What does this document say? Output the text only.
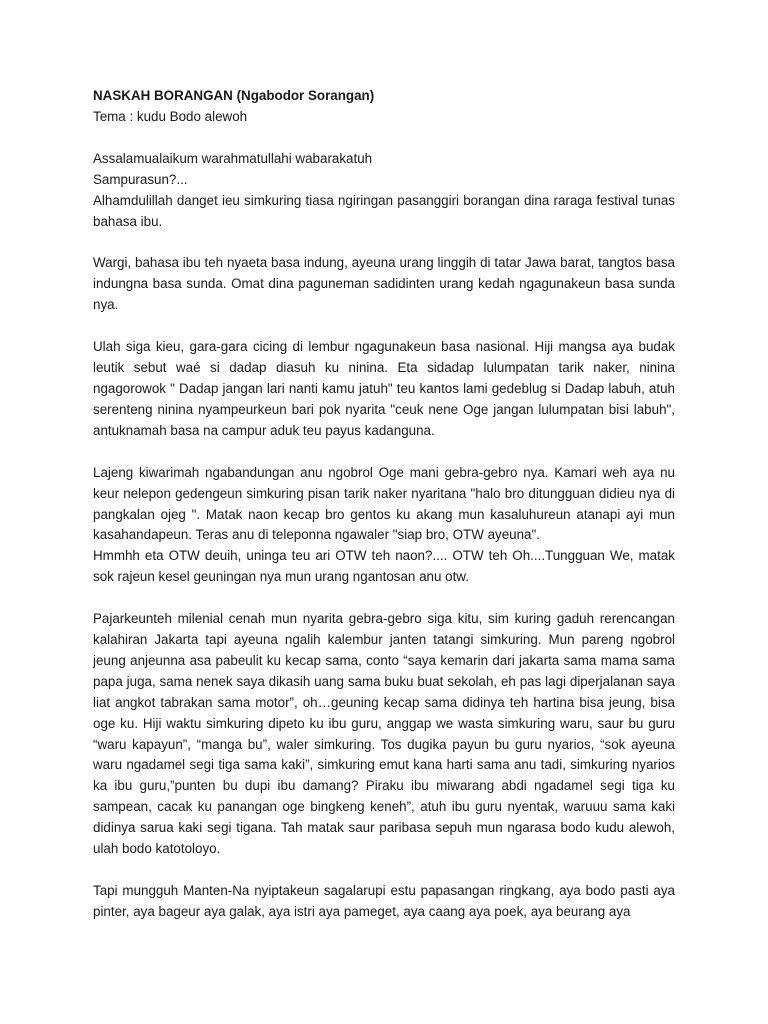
NASKAH BORANGAN (Ngabodor Sorangan)

Tema : kudu Bodo alewoh

Assalamualaikum warahmatullahi wabarakatuh
Sampurasun?...
Alhamdulillah danget ieu simkuring tiasa ngiringan pasanggiri borangan dina raraga festival tunas bahasa ibu.

Wargi, bahasa ibu teh nyaeta basa indung, ayeuna urang linggih di tatar Jawa barat, tangtos basa indungna basa sunda. Omat dina paguneman sadidinten urang kedah ngagunakeun basa sunda nya.

Ulah siga kieu, gara-gara cicing di lembur ngagunakeun basa nasional. Hiji mangsa aya budak leutik sebut waé si dadap diasuh ku ninina. Eta sidadap lulumpatan tarik naker, ninina ngagorowok " Dadap jangan lari nanti kamu jatuh" teu kantos lami gedeblug si Dadap labuh, atuh serenteng ninina nyampeurkeun bari pok nyarita "ceuk nene Oge jangan lulumpatan bisi labuh", antuknamah basa na campur aduk teu payus kadanguna.

Lajeng kiwarimah ngabandungan anu ngobrol Oge mani gebra-gebro nya. Kamari weh aya nu keur nelepon gedengeun simkuring pisan tarik naker nyaritana "halo bro ditungguan didieu nya di pangkalan ojeg ". Matak naon kecap bro gentos ku akang mun kasaluhureun atanapi ayi mun kasahandapeun. Teras anu di teleponna ngawaler "siap bro, OTW ayeuna".

Hmmhh eta OTW deuih, uninga teu ari OTW teh naon?.... OTW teh Oh....Tungguan We, matak sok rajeun kesel geuningan nya mun urang ngantosan anu otw.

Pajarkeunteh milenial cenah mun nyarita gebra-gebro siga kitu, sim kuring gaduh rerencangan kalahiran Jakarta tapi ayeuna ngalih kalembur janten tatangi simkuring. Mun pareng ngobrol jeung anjeunna asa pabeulit ku kecap sama, conto “saya kemarin dari jakarta sama mama sama papa juga, sama nenek saya dikasih uang sama buku buat sekolah, eh pas lagi diperjalanan saya liat angkot tabrakan sama motor”, oh…geuning kecap sama didinya teh hartina bisa jeung, bisa oge ku. Hiji waktu simkuring dipeto ku ibu guru, anggap we wasta simkuring waru, saur bu guru “waru kapayun”, “manga bu”, waler simkuring. Tos dugika payun bu guru nyarios, “sok ayeuna waru ngadamel segi tiga sama kaki”, simkuring emut kana harti sama anu tadi, simkuring nyarios ka ibu guru,”punten bu dupi ibu damang? Piraku ibu miwarang abdi ngadamel segi tiga ku sampean, cacak ku panangan oge bingkeng keneh”, atuh ibu guru nyentak, waruuu sama kaki didinya sarua kaki segi tigana. Tah matak saur paribasa sepuh mun ngarasa bodo kudu alewoh, ulah bodo katotoloyo.

Tapi mungguh Manten-Na nyiptakeun sagalarupi estu papasangan ringkang, aya bodo pasti aya pinter, aya bageur aya galak, aya istri aya pameget, aya caang aya poek, aya beurang aya
